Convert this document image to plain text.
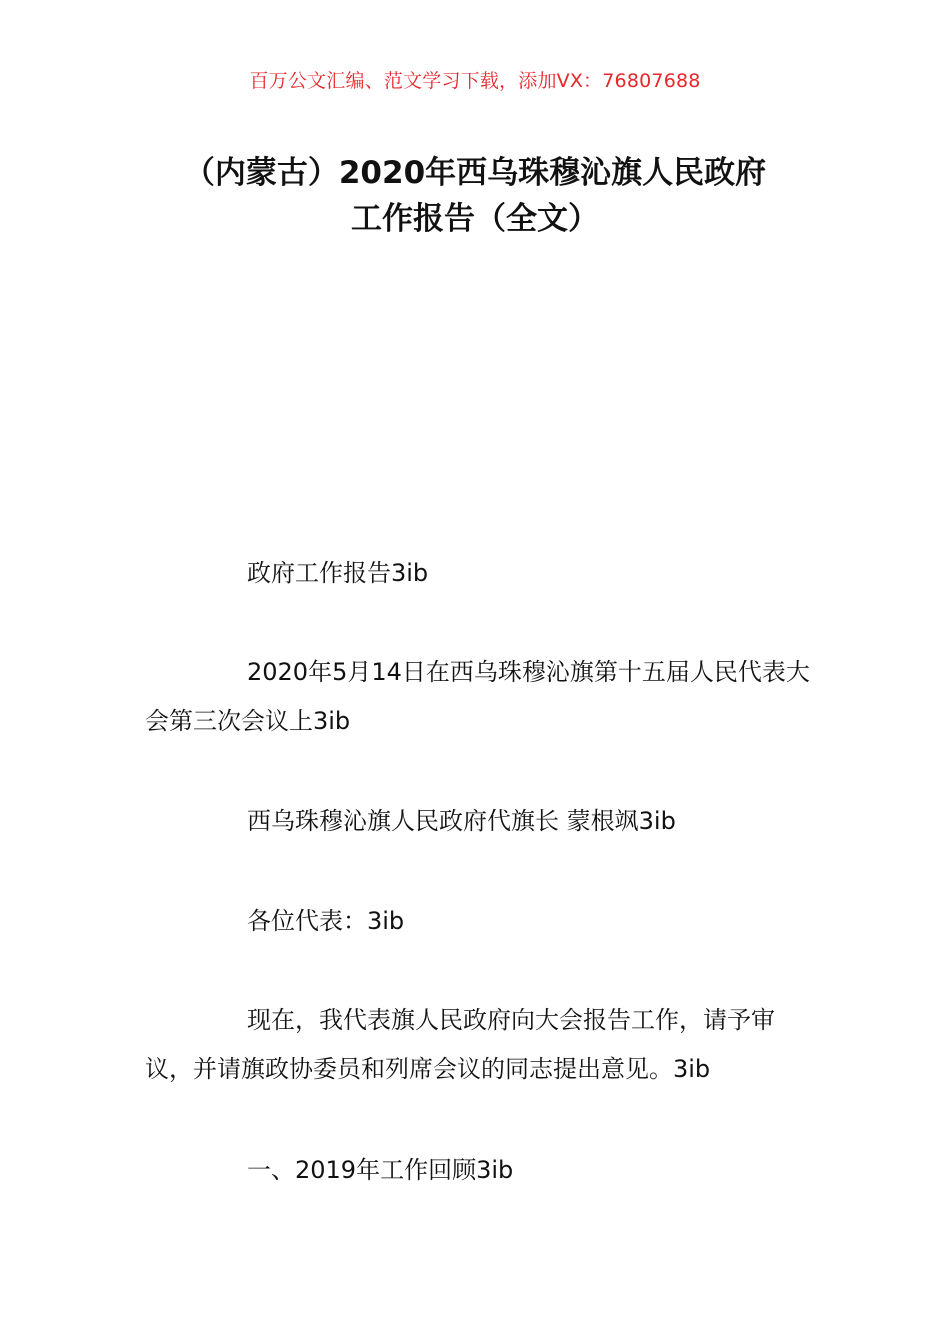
百万公文汇编、范文学习下载，添加VX：76807688
（内蒙古）2020年西乌珠穆沁旗人民政府
工作报告（全文）

政府工作报告3ib

2020年5月14日在西乌珠穆沁旗第十五届人民代表大会第三次会议上3ib

西乌珠穆沁旗人民政府代旗长 蒙根飒3ib

各位代表：3ib

现在，我代表旗人民政府向大会报告工作，请予审议，并请旗政协委员和列席会议的同志提出意见。3ib

一、2019年工作回顾3ib
